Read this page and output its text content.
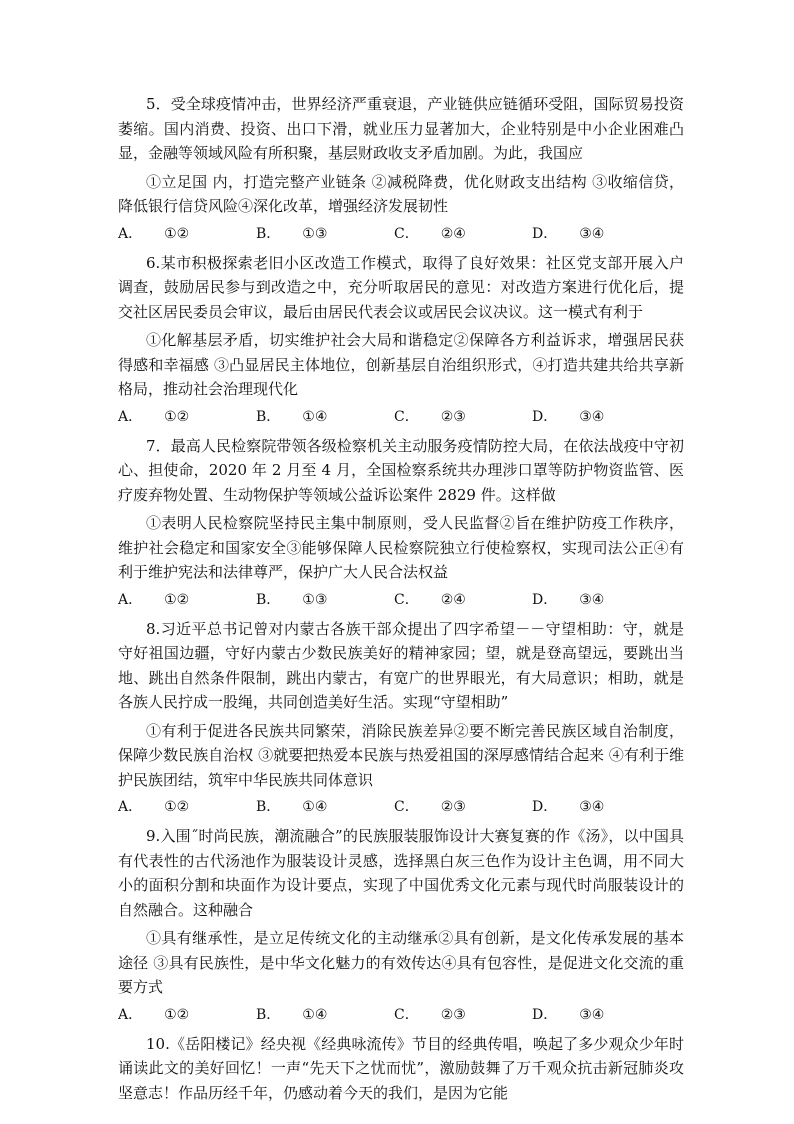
5．受全球疫情冲击，世界经济严重衰退，产业链供应链循环受阻，国际贸易投资萎缩。国内消费、投资、出口下滑，就业压力显著加大，企业特别是中小企业困难凸显，金融等领域风险有所积聚，基层财政收支矛盾加剧。为此，我国应

①立足国 内，打造完整产业链条 ②减税降费，优化财政支出结构 ③收缩信贷，降低银行信贷风险④深化改革，增强经济发展韧性

A． ①②	B． ①③	C． ②④	D． ③④

6.某市积极探索老旧小区改造工作模式，取得了良好效果：社区党支部开展入户调查，鼓励居民参与到改造之中，充分听取居民的意见：对改造方案进行优化后，提交社区居民委员会审议，最后由居民代表会议或居民会议决议。这一模式有利于

①化解基层矛盾，切实维护社会大局和谐稳定②保障各方利益诉求，增强居民获得感和幸福感 ③凸显居民主体地位，创新基层自治组织形式，④打造共建共给共享新格局，推动社会治理现代化

A． ①②	B． ①④	C． ②③	D． ③④

7．最高人民检察院带领各级检察机关主动服务疫情防控大局，在依法战疫中守初心、担使命，2020 年 2 月至 4 月，全国检察系统共办理涉口罩等防护物资监管、医疗废弃物处置、生动物保护等领域公益诉讼案件 2829 件。这样做

①表明人民检察院坚持民主集中制原则，受人民监督②旨在维护防疫工作秩序，维护社会稳定和国家安全③能够保障人民检察院独立行使检察权，实现司法公正④有利于维护宪法和法律尊严，保护广大人民合法权益

A． ①②	B． ①③	C． ②④	D． ③④

8.习近平总书记曾对内蒙古各族干部众提出了四字希望－－守望相助：守，就是守好祖国边疆，守好内蒙古少数民族美好的精神家园；望，就是登高望远，要跳出当地、跳出自然条件限制，跳出内蒙古，有宽广的世界眼光，有大局意识；相助，就是各族人民拧成一股绳，共同创造美好生活。实现“守望相助”

①有利于促进各民族共同繁荣，消除民族差异②要不断完善民族区域自治制度，保障少数民族自治权 ③就要把热爱本民族与热爱祖国的深厚感情结合起来 ④有利于维护民族团结，筑牢中华民族共同体意识

A． ①②	B． ①④	C． ②③	D． ③④

9.入围˝时尚民族，潮流融合”的民族服装服饰设计大赛复赛的作《汤》，以中国具有代表性的古代汤池作为服装设计灵感，选择黑白灰三色作为设计主色调，用不同大小的面积分割和块面作为设计要点，实现了中国优秀文化元素与现代时尚服装设计的自然融合。这种融合

①具有继承性，是立足传统文化的主动继承②具有创新，是文化传承发展的基本途径 ③具有民族性，是中华文化魅力的有效传达④具有包容性，是促进文化交流的重要方式

A． ①②	B． ①④	C． ②③	D． ③④

10.《岳阳楼记》经央视《经典咏流传》节目的经典传唱，唤起了多少观众少年时诵读此文的美好回忆！一声“先天下之忧而忧”，激励鼓舞了万千观众抗击新冠肺炎攻坚意志！作品历经千年，仍感动着今天的我们，是因为它能
